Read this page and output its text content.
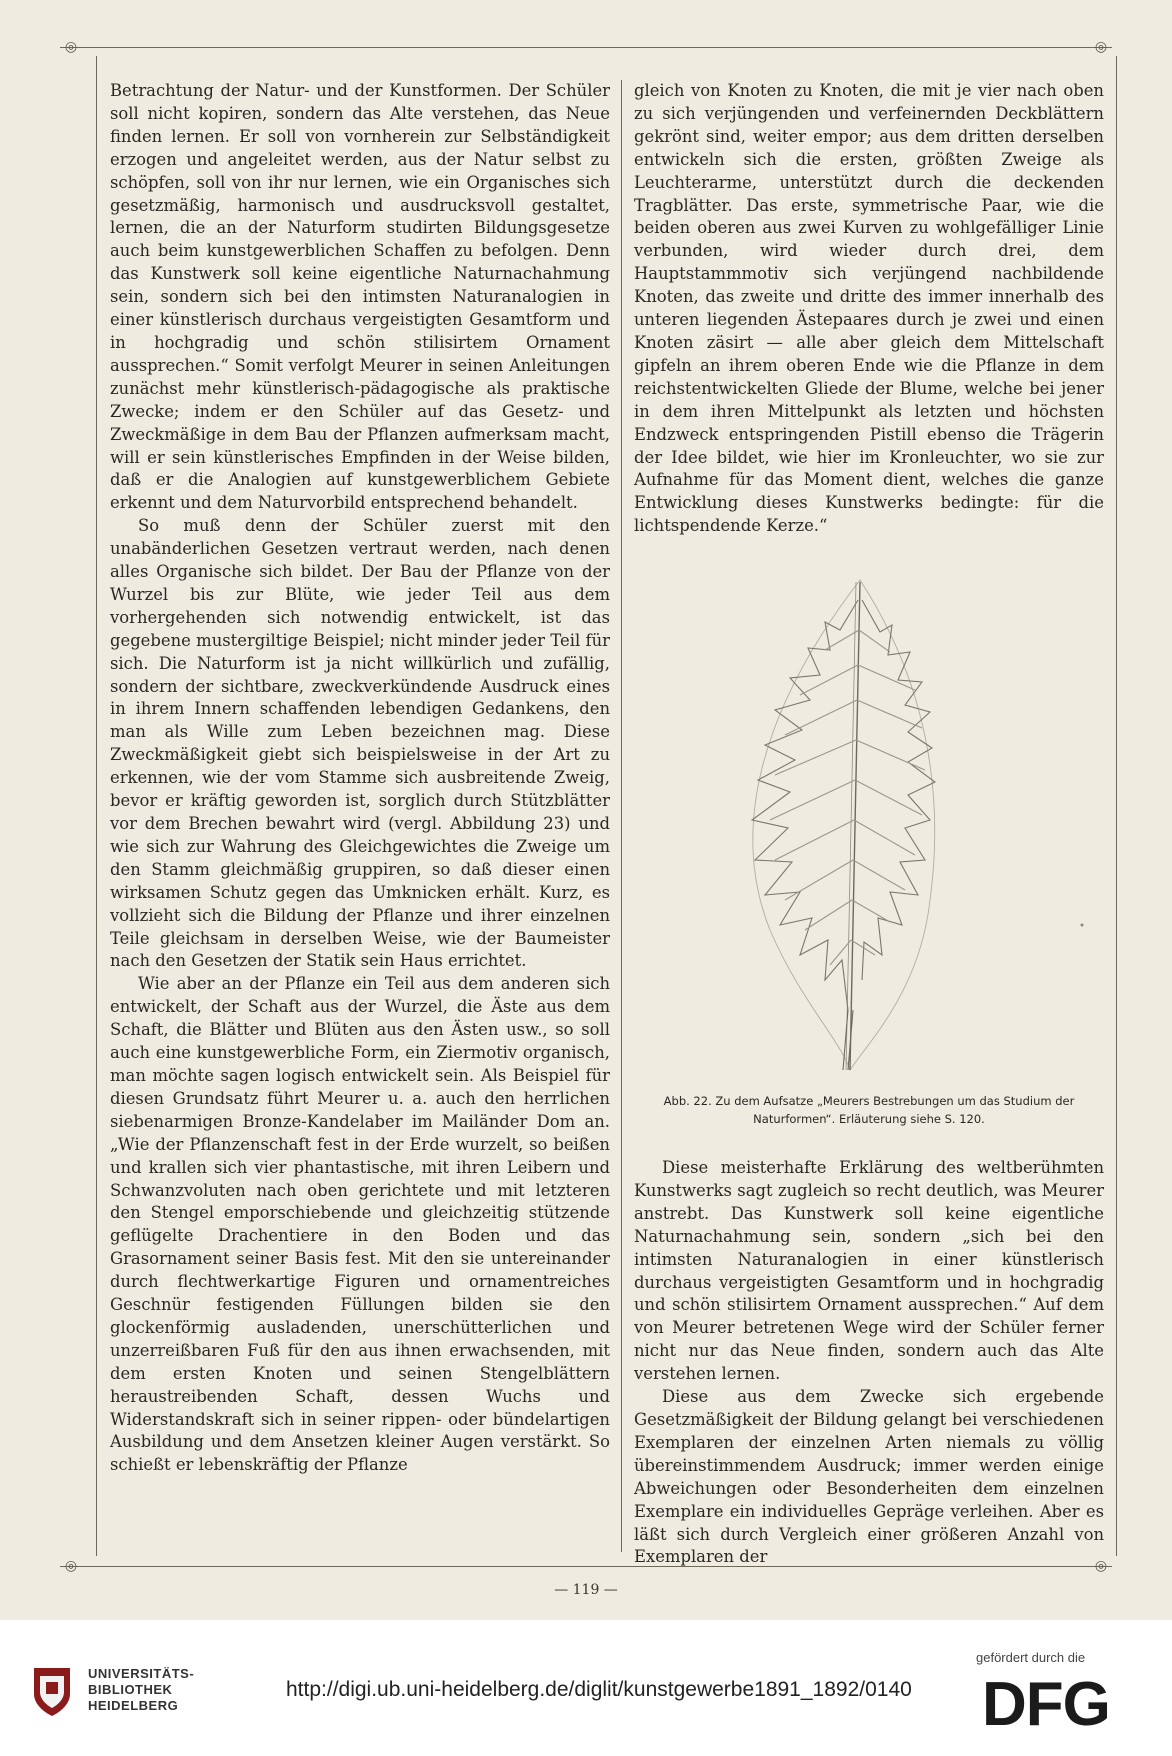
◎	◎
◎	◎

Betrachtung der Natur- und der Kunstformen. Der Schüler soll nicht kopiren, sondern das Alte verstehen, das Neue finden lernen. Er soll von vornherein zur Selbständigkeit erzogen und angeleitet werden, aus der Natur selbst zu schöpfen, soll von ihr nur lernen, wie ein Organisches sich gesetzmäßig, harmonisch und ausdrucksvoll gestaltet, lernen, die an der Naturform studirten Bildungsgesetze auch beim kunstgewerblichen Schaffen zu befolgen. Denn das Kunstwerk soll keine eigentliche Naturnachahmung sein, sondern sich bei den intimsten Naturanalogien in einer künstlerisch durchaus vergeistigten Gesamtform und in hochgradig und schön stilisirtem Ornament aussprechen.“ Somit verfolgt Meurer in seinen Anleitungen zunächst mehr künstlerisch-pädagogische als praktische Zwecke; indem er den Schüler auf das Gesetz- und Zweckmäßige in dem Bau der Pflanzen aufmerksam macht, will er sein künstlerisches Empfinden in der Weise bilden, daß er die Analogien auf kunstgewerblichem Gebiete erkennt und dem Naturvorbild entsprechend behandelt.

So muß denn der Schüler zuerst mit den unabänderlichen Gesetzen vertraut werden, nach denen alles Organische sich bildet. Der Bau der Pflanze von der Wurzel bis zur Blüte, wie jeder Teil aus dem vorhergehenden sich notwendig entwickelt, ist das gegebene mustergiltige Beispiel; nicht minder jeder Teil für sich. Die Naturform ist ja nicht willkürlich und zufällig, sondern der sichtbare, zweckverkündende Ausdruck eines in ihrem Innern schaffenden lebendigen Gedankens, den man als Wille zum Leben bezeichnen mag. Diese Zweckmäßigkeit giebt sich beispielsweise in der Art zu erkennen, wie der vom Stamme sich ausbreitende Zweig, bevor er kräftig geworden ist, sorglich durch Stützblätter vor dem Brechen bewahrt wird (vergl. Abbildung 23) und wie sich zur Wahrung des Gleichgewichtes die Zweige um den Stamm gleichmäßig gruppiren, so daß dieser einen wirksamen Schutz gegen das Umknicken erhält. Kurz, es vollzieht sich die Bildung der Pflanze und ihrer einzelnen Teile gleichsam in derselben Weise, wie der Baumeister nach den Gesetzen der Statik sein Haus errichtet.

Wie aber an der Pflanze ein Teil aus dem anderen sich entwickelt, der Schaft aus der Wurzel, die Äste aus dem Schaft, die Blätter und Blüten aus den Ästen usw., so soll auch eine kunstgewerbliche Form, ein Ziermotiv organisch, man möchte sagen logisch entwickelt sein. Als Beispiel für diesen Grundsatz führt Meurer u. a. auch den herrlichen siebenarmigen Bronze-Kandelaber im Mailänder Dom an. „Wie der Pflanzenschaft fest in der Erde wurzelt, so beißen und krallen sich vier phantastische, mit ihren Leibern und Schwanzvoluten nach oben gerichtete und mit letzteren den Stengel emporschiebende und gleichzeitig stützende geflügelte Drachentiere in den Boden und das Grasornament seiner Basis fest. Mit den sie untereinander durch flechtwerkartige Figuren und ornamentreiches Geschnür festigenden Füllungen bilden sie den glockenförmig ausladenden, unerschütterlichen und unzerreißbaren Fuß für den aus ihnen erwachsenden, mit dem ersten Knoten und seinen Stengelblättern heraustreibenden Schaft, dessen Wuchs und Widerstandskraft sich in seiner rippen- oder bündelartigen Ausbildung und dem Ansetzen kleiner Augen verstärkt. So schießt er lebenskräftig der Pflanze

gleich von Knoten zu Knoten, die mit je vier nach oben zu sich verjüngenden und verfeinernden Deckblättern gekrönt sind, weiter empor; aus dem dritten derselben entwickeln sich die ersten, größten Zweige als Leuchterarme, unterstützt durch die deckenden Tragblätter. Das erste, symmetrische Paar, wie die beiden oberen aus zwei Kurven zu wohlgefälliger Linie verbunden, wird wieder durch drei, dem Hauptstammmotiv sich verjüngend nachbildende Knoten, das zweite und dritte des immer innerhalb des unteren liegenden Ästepaares durch je zwei und einen Knoten zäsirt — alle aber gleich dem Mittelschaft gipfeln an ihrem oberen Ende wie die Pflanze in dem reichstentwickelten Gliede der Blume, welche bei jener in dem ihren Mittelpunkt als letzten und höchsten Endzweck entspringenden Pistill ebenso die Trägerin der Idee bildet, wie hier im Kronleuchter, wo sie zur Aufnahme für das Moment dient, welches die ganze Entwicklung dieses Kunstwerks bedingte: für die lichtspendende Kerze.“

Abb. 22. Zu dem Aufsatze „Meurers Bestrebungen um das Studium der Naturformen“. Erläuterung siehe S. 120.

Diese meisterhafte Erklärung des weltberühmten Kunstwerks sagt zugleich so recht deutlich, was Meurer anstrebt. Das Kunstwerk soll keine eigentliche Naturnachahmung sein, sondern „sich bei den intimsten Naturanalogien in einer künstlerisch durchaus vergeistigten Gesamtform und in hochgradig und schön stilisirtem Ornament aussprechen.“ Auf dem von Meurer betretenen Wege wird der Schüler ferner nicht nur das Neue finden, sondern auch das Alte verstehen lernen.

Diese aus dem Zwecke sich ergebende Gesetzmäßigkeit der Bildung gelangt bei verschiedenen Exemplaren der einzelnen Arten niemals zu völlig übereinstimmendem Ausdruck; immer werden einige Abweichungen oder Besonderheiten dem einzelnen Exemplare ein individuelles Gepräge verleihen. Aber es läßt sich durch Vergleich einer größeren Anzahl von Exemplaren der

— 119 —
UNIVERSITÄTS-
BIBLIOTHEK
HEIDELBERG
http://digi.ub.uni-heidelberg.de/diglit/kunstgewerbe1891_1892/0140
gefördert durch die
DFG
